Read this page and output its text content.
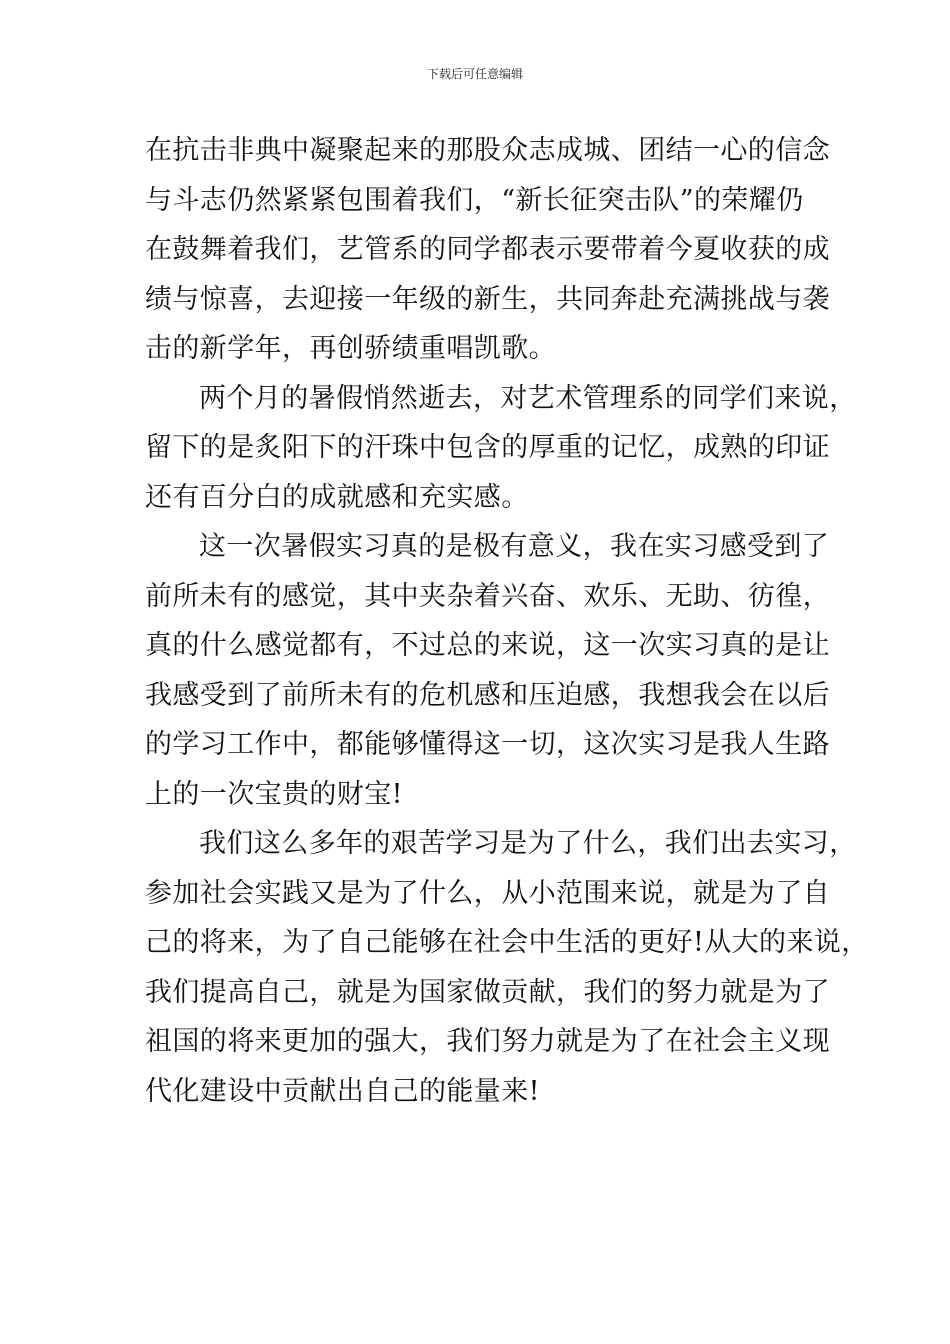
下载后可任意编辑
在抗击非典中凝聚起来的那股众志成城、团结一心的信念
与斗志仍然紧紧包围着我们，“新长征突击队”的荣耀仍
在鼓舞着我们，艺管系的同学都表示要带着今夏收获的成
绩与惊喜，去迎接一年级的新生，共同奔赴充满挑战与袭
击的新学年，再创骄绩重唱凯歌。
两个月的暑假悄然逝去，对艺术管理系的同学们来说，
留下的是炙阳下的汗珠中包含的厚重的记忆，成熟的印证
还有百分白的成就感和充实感。
这一次暑假实习真的是极有意义，我在实习感受到了
前所未有的感觉，其中夹杂着兴奋、欢乐、无助、彷徨，
真的什么感觉都有，不过总的来说，这一次实习真的是让
我感受到了前所未有的危机感和压迫感，我想我会在以后
的学习工作中，都能够懂得这一切，这次实习是我人生路
上的一次宝贵的财宝!
我们这么多年的艰苦学习是为了什么，我们出去实习，
参加社会实践又是为了什么，从小范围来说，就是为了自
己的将来，为了自己能够在社会中生活的更好!从大的来说，
我们提高自己，就是为国家做贡献，我们的努力就是为了
祖国的将来更加的强大，我们努力就是为了在社会主义现
代化建设中贡献出自己的能量来!
